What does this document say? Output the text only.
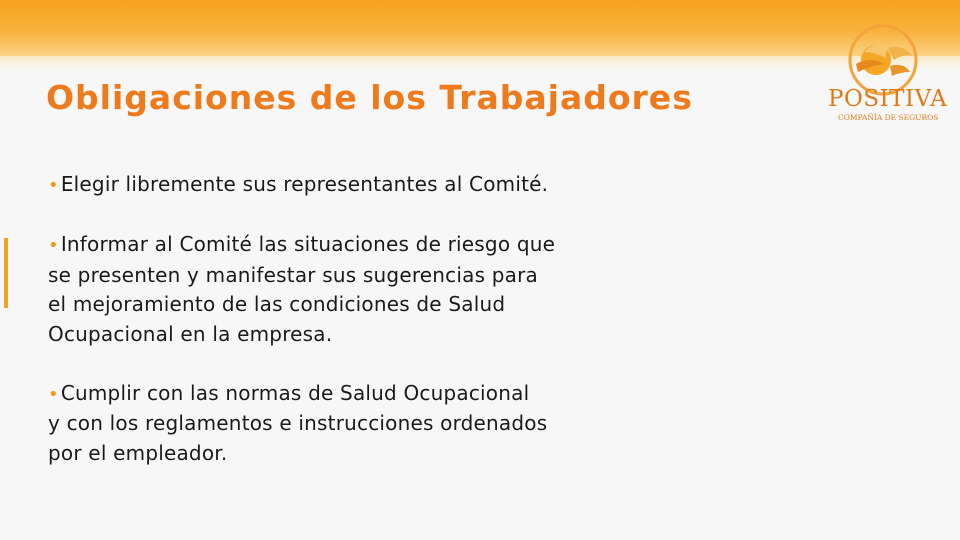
Obligaciones de los Trabajadores
• Elegir libremente sus representantes al Comité.
• Informar al Comité las situaciones de riesgo que
se presenten y manifestar sus sugerencias para
el mejoramiento de las condiciones de Salud
Ocupacional en la empresa.
• Cumplir con las normas de Salud Ocupacional
y con los reglamentos e instrucciones ordenados
por el empleador.
POSITIVA
COMPAÑÍA DE SEGUROS
